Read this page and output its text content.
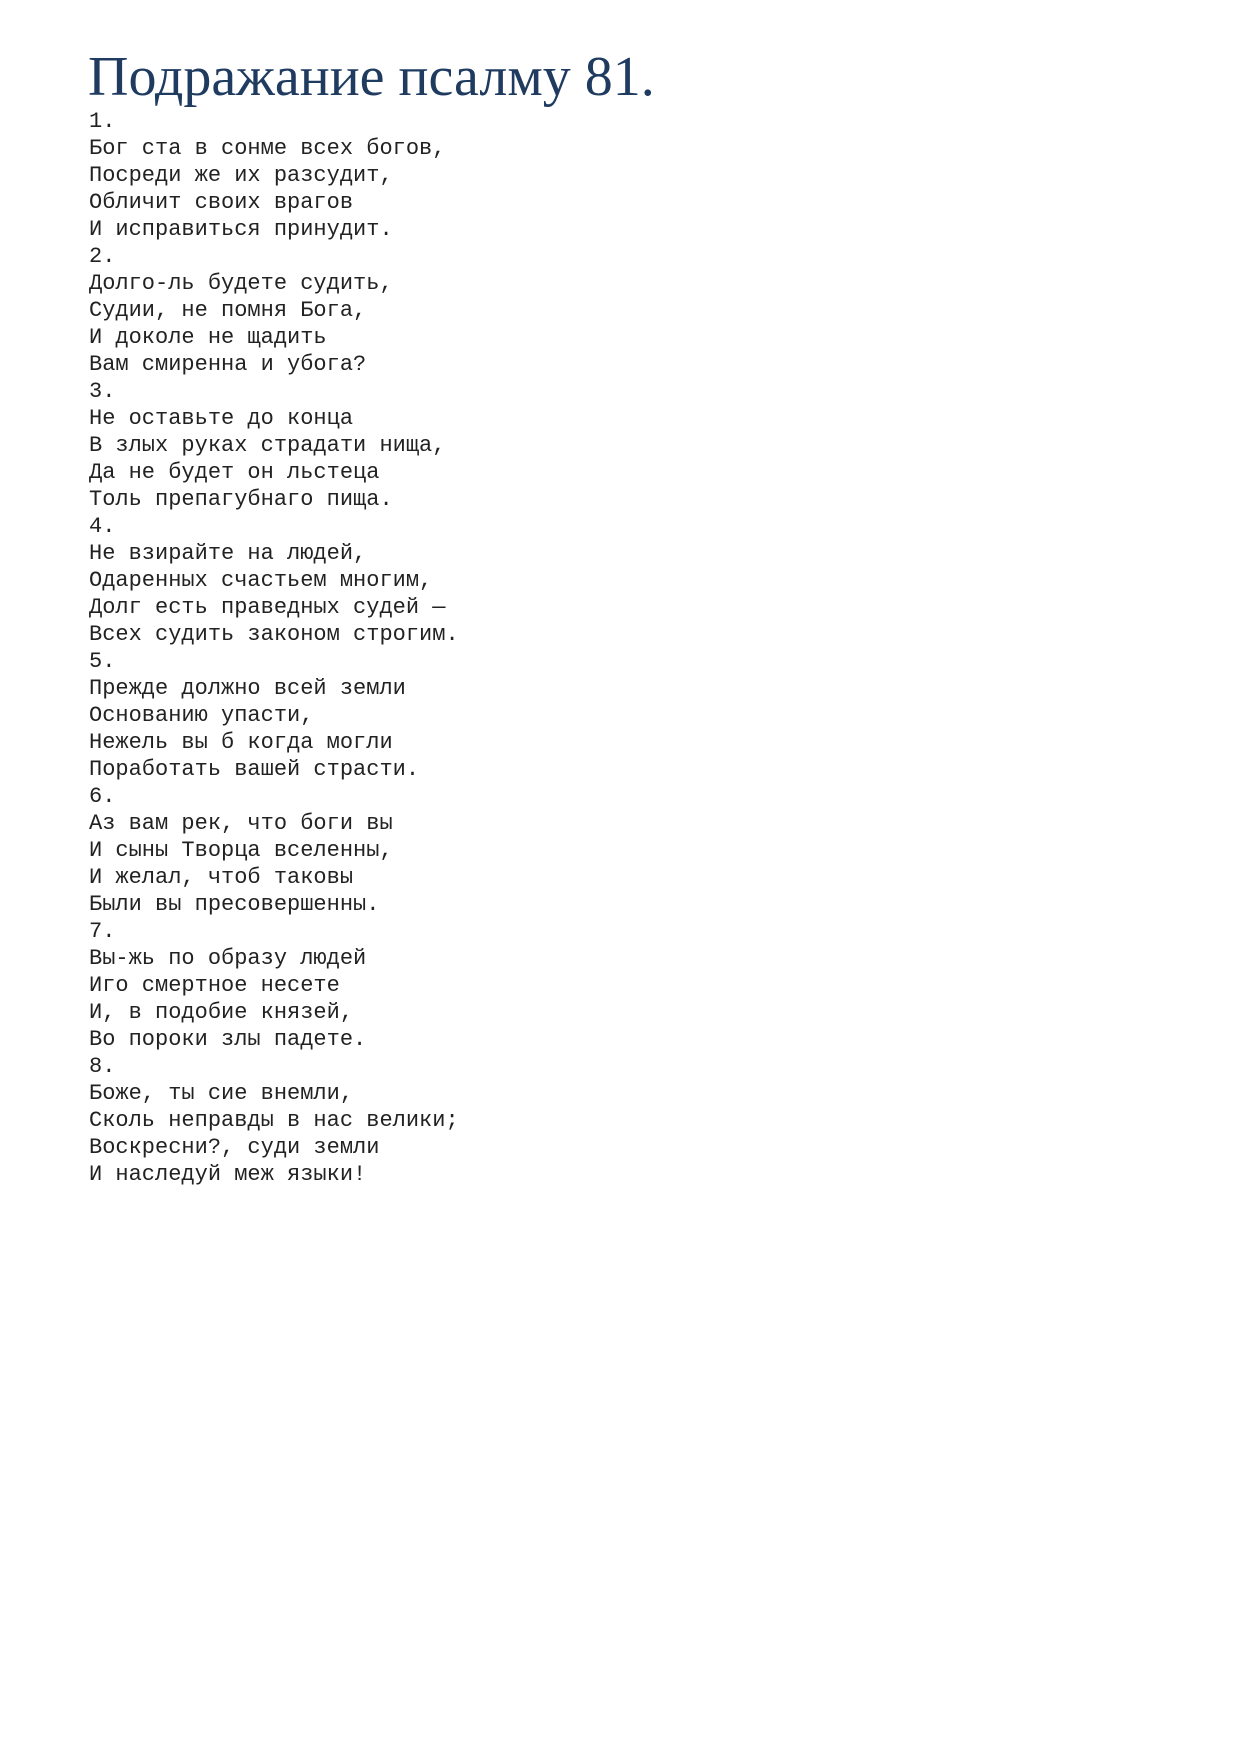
Подражание псалму 81.
1.
Бог ста в сонме всех богов,
Посреди же их разсудит,
Обличит своих врагов
И исправиться принудит.
2.
Долго-ль будете судить,
Судии, не помня Бога,
И доколе не щадить
Вам смиренна и убога?
3.
Не оставьте до конца
В злых руках страдати нища,
Да не будет он льстеца
Толь препагубнаго пища.
4.
Не взирайте на людей,
Одаренных счастьем многим,
Долг есть праведных судей —
Всех судить законом строгим.
5.
Прежде должно всей земли
Основанию упасти,
Нежель вы б когда могли
Поработать вашей страсти.
6.
Аз вам рек, что боги вы
И сыны Творца вселенны,
И желал, чтоб таковы
Были вы пресовершенны.
7.
Вы-жь по образу людей
Иго смертное несете
И, в подобие князей,
Во пороки злы падете.
8.
Боже, ты сие внемли,
Сколь неправды в нас велики;
Воскресни?, суди земли
И наследуй меж языки!
